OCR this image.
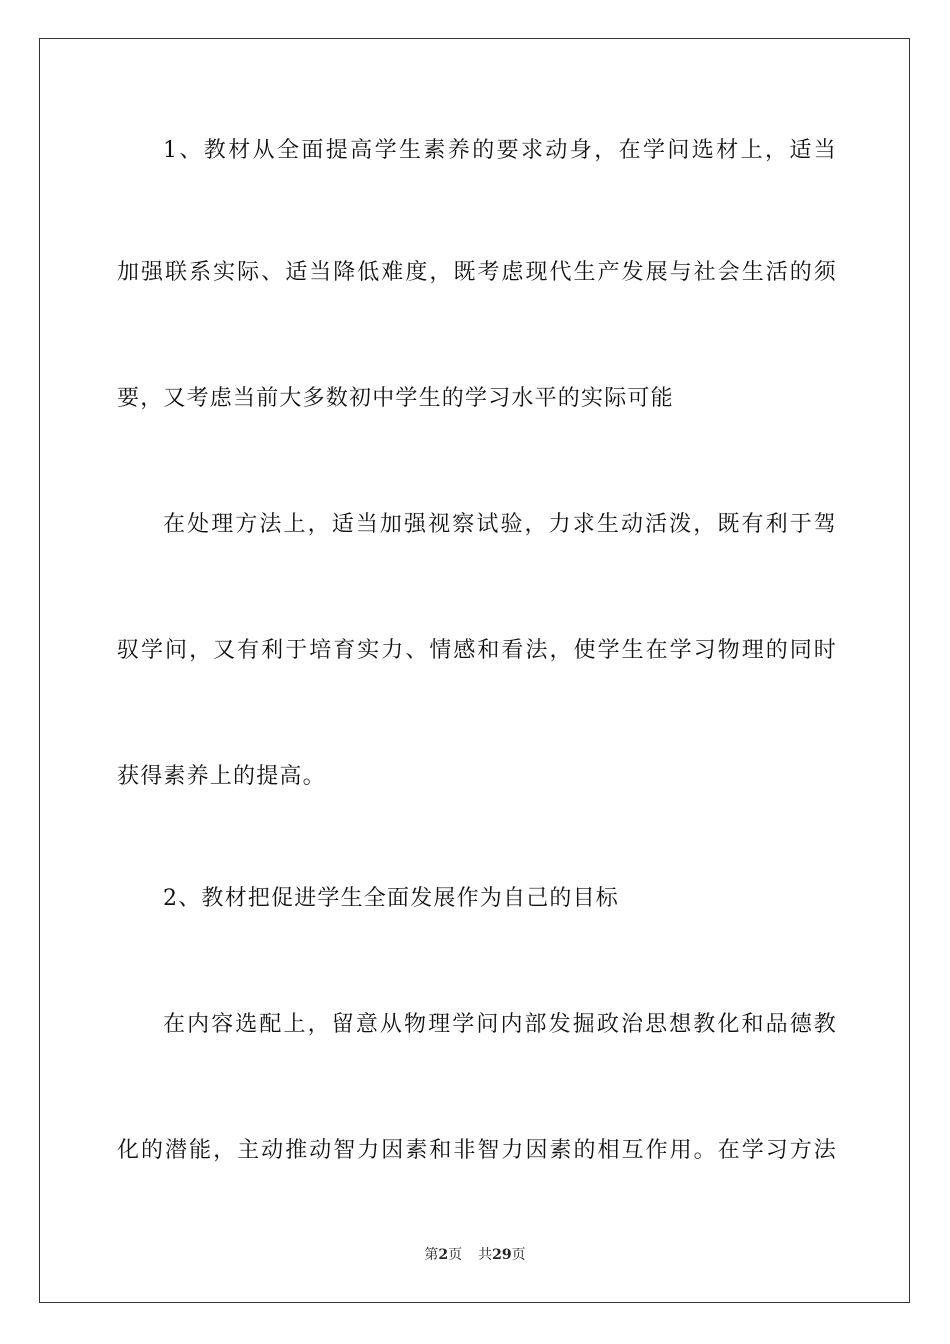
1、教材从全面提高学生素养的要求动身，在学问选材上，适当
加强联系实际、适当降低难度，既考虑现代生产发展与社会生活的须
要，又考虑当前大多数初中学生的学习水平的实际可能
在处理方法上，适当加强视察试验，力求生动活泼，既有利于驾
驭学问，又有利于培育实力、情感和看法，使学生在学习物理的同时
获得素养上的提高。
2、教材把促进学生全面发展作为自己的目标
在内容选配上，留意从物理学问内部发掘政治思想教化和品德教
化的潜能，主动推动智力因素和非智力因素的相互作用。在学习方法
第2页 共29页
